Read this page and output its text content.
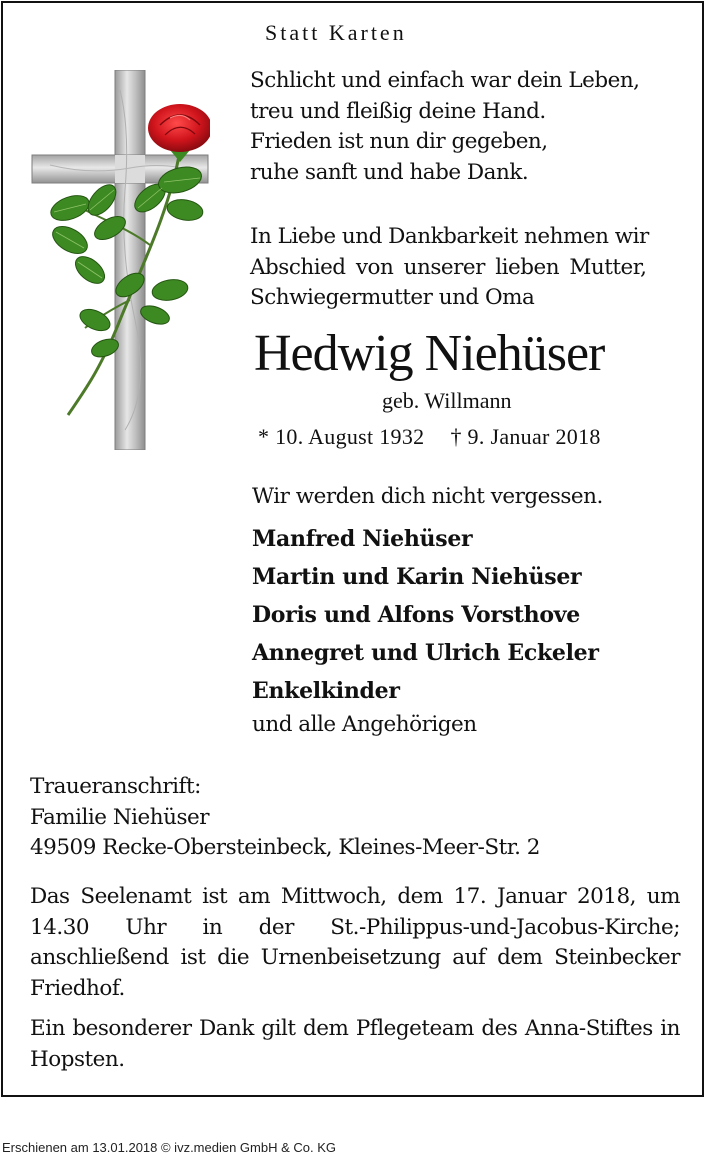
Statt Karten
Schlicht und einfach war dein Leben,
treu und fleißig deine Hand.
Frieden ist nun dir gegeben,
ruhe sanft und habe Dank.
In Liebe und Dankbarkeit nehmen wir
Abschied von unserer lieben Mutter,
Schwiegermutter und Oma
Hedwig Niehüser
geb. Willmann
* 10. August 1932 † 9. Januar 2018
Wir werden dich nicht vergessen.
Manfred Niehüser
Martin und Karin Niehüser
Doris und Alfons Vorsthove
Annegret und Ulrich Eckeler
Enkelkinder
und alle Angehörigen
Traueranschrift:
Familie Niehüser
49509 Recke-Obersteinbeck, Kleines-Meer-Str. 2
Das Seelenamt ist am Mittwoch, dem 17. Januar 2018, um 14.30 Uhr in der St.-Philippus-und-Jacobus-Kirche; anschließend ist die Urnenbeisetzung auf dem Steinbecker Friedhof.
Ein besonderer Dank gilt dem Pflegeteam des Anna-Stiftes in Hopsten.
Erschienen am 13.01.2018 © ivz.medien GmbH & Co. KG
